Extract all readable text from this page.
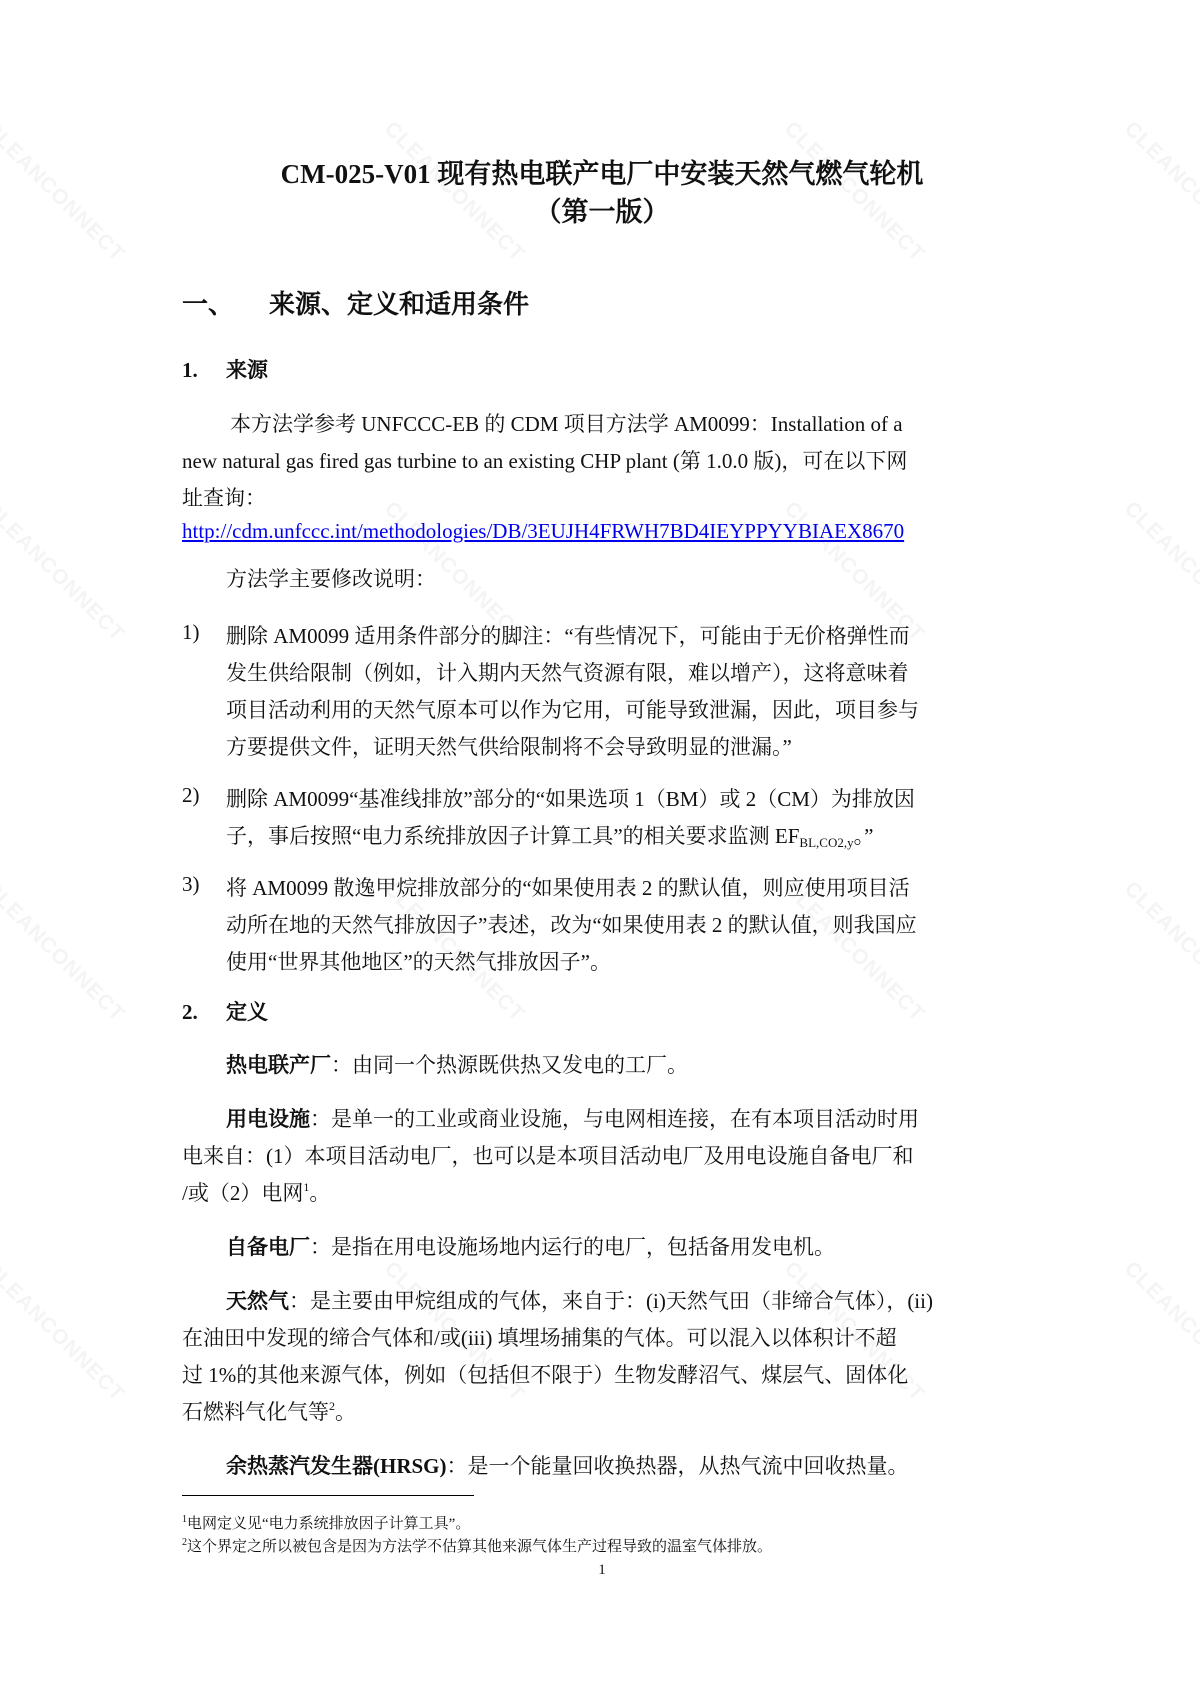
CM-025-V01 现有热电联产电厂中安装天然气燃气轮机
（第一版）
一、 来源、定义和适用条件
1. 来源
本方法学参考 UNFCCC-EB 的 CDM 项目方法学 AM0099：Installation of a
new natural gas fired gas turbine to an existing CHP plant (第 1.0.0 版)，可在以下网
址查询：
http://cdm.unfccc.int/methodologies/DB/3EUJH4FRWH7BD4IEYPPYYBIAEX8670
方法学主要修改说明：
1) 删除 AM0099 适用条件部分的脚注：“有些情况下，可能由于无价格弹性而
发生供给限制（例如，计入期内天然气资源有限，难以增产），这将意味着
项目活动利用的天然气原本可以作为它用，可能导致泄漏，因此，项目参与
方要提供文件，证明天然气供给限制将不会导致明显的泄漏。”
2) 删除 AM0099“基准线排放”部分的“如果选项 1（BM）或 2（CM）为排放因
子，事后按照“电力系统排放因子计算工具”的相关要求监测 $EF_{BL,CO2,y}$。”
3) 将 AM0099 散逸甲烷排放部分的“如果使用表 2 的默认值，则应使用项目活
动所在地的天然气排放因子”表述，改为“如果使用表 2 的默认值，则我国应
使用“世界其他地区”的天然气排放因子”。
2. 定义
热电联产厂：由同一个热源既供热又发电的工厂。
用电设施：是单一的工业或商业设施，与电网相连接，在有本项目活动时用
电来自：(1）本项目活动电厂，也可以是本项目活动电厂及用电设施自备电厂和
/或（2）电网$^1$。
自备电厂：是指在用电设施场地内运行的电厂，包括备用发电机。
天然气：是主要由甲烷组成的气体，来自于：(i)天然气田（非缔合气体），(ii)
在油田中发现的缔合气体和/或(iii) 填埋场捕集的气体。可以混入以体积计不超
过 1%的其他来源气体，例如（包括但不限于）生物发酵沼气、煤层气、固体化
石燃料气化气等$^2$。
余热蒸汽发生器(HRSG)：是一个能量回收换热器，从热气流中回收热量。
$^1$电网定义见“电力系统排放因子计算工具”。
$^2$这个界定之所以被包含是因为方法学不估算其他来源气体生产过程导致的温室气体排放。
1
